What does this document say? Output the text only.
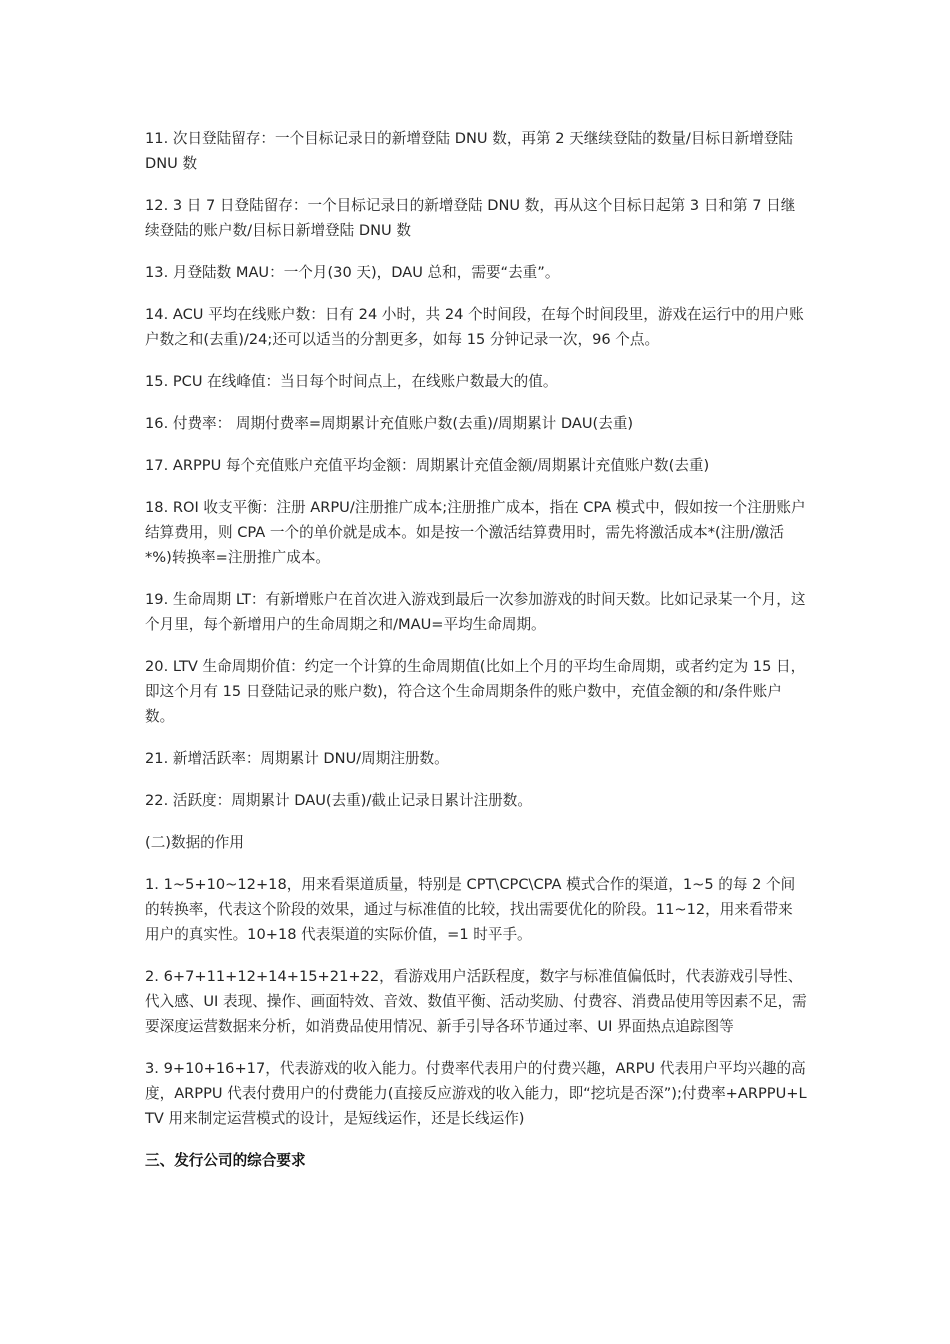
11. 次日登陆留存：一个目标记录日的新增登陆 DNU 数，再第 2 天继续登陆的数量/目标日新增登陆 DNU 数

12. 3 日 7 日登陆留存：一个目标记录日的新增登陆 DNU 数，再从这个目标日起第 3 日和第 7 日继续登陆的账户数/目标日新增登陆 DNU 数

13. 月登陆数 MAU：一个月(30 天)，DAU 总和，需要“去重”。

14. ACU 平均在线账户数：日有 24 小时，共 24 个时间段，在每个时间段里，游戏在运行中的用户账户数之和(去重)/24;还可以适当的分割更多，如每 15 分钟记录一次，96 个点。

15. PCU 在线峰值：当日每个时间点上，在线账户数最大的值。

16. 付费率： 周期付费率=周期累计充值账户数(去重)/周期累计 DAU(去重)

17. ARPPU 每个充值账户充值平均金额：周期累计充值金额/周期累计充值账户数(去重)

18. ROI 收支平衡：注册 ARPU/注册推广成本;注册推广成本，指在 CPA 模式中，假如按一个注册账户结算费用，则 CPA 一个的单价就是成本。如是按一个激活结算费用时，需先将激活成本*(注册/激活*%)转换率=注册推广成本。

19. 生命周期 LT：有新增账户在首次进入游戏到最后一次参加游戏的时间天数。比如记录某一个月，这个月里，每个新增用户的生命周期之和/MAU=平均生命周期。

20. LTV 生命周期价值：约定一个计算的生命周期值(比如上个月的平均生命周期，或者约定为 15 日，即这个月有 15 日登陆记录的账户数)，符合这个生命周期条件的账户数中，充值金额的和/条件账户数。

21. 新增活跃率：周期累计 DNU/周期注册数。

22. 活跃度：周期累计 DAU(去重)/截止记录日累计注册数。

(二)数据的作用

1. 1~5+10~12+18，用来看渠道质量，特别是 CPT\CPC\CPA 模式合作的渠道，1~5 的每 2 个间的转换率，代表这个阶段的效果，通过与标准值的比较，找出需要优化的阶段。11~12，用来看带来用户的真实性。10+18 代表渠道的实际价值，=1 时平手。

2. 6+7+11+12+14+15+21+22，看游戏用户活跃程度，数字与标准值偏低时，代表游戏引导性、代入感、UI 表现、操作、画面特效、音效、数值平衡、活动奖励、付费容、消费品使用等因素不足，需要深度运营数据来分析，如消费品使用情况、新手引导各环节通过率、UI 界面热点追踪图等

3. 9+10+16+17，代表游戏的收入能力。付费率代表用户的付费兴趣，ARPU 代表用户平均兴趣的高度，ARPPU 代表付费用户的付费能力(直接反应游戏的收入能力，即“挖坑是否深”);付费率+ARPPU+LTV 用来制定运营模式的设计，是短线运作，还是长线运作)

三、发行公司的综合要求
